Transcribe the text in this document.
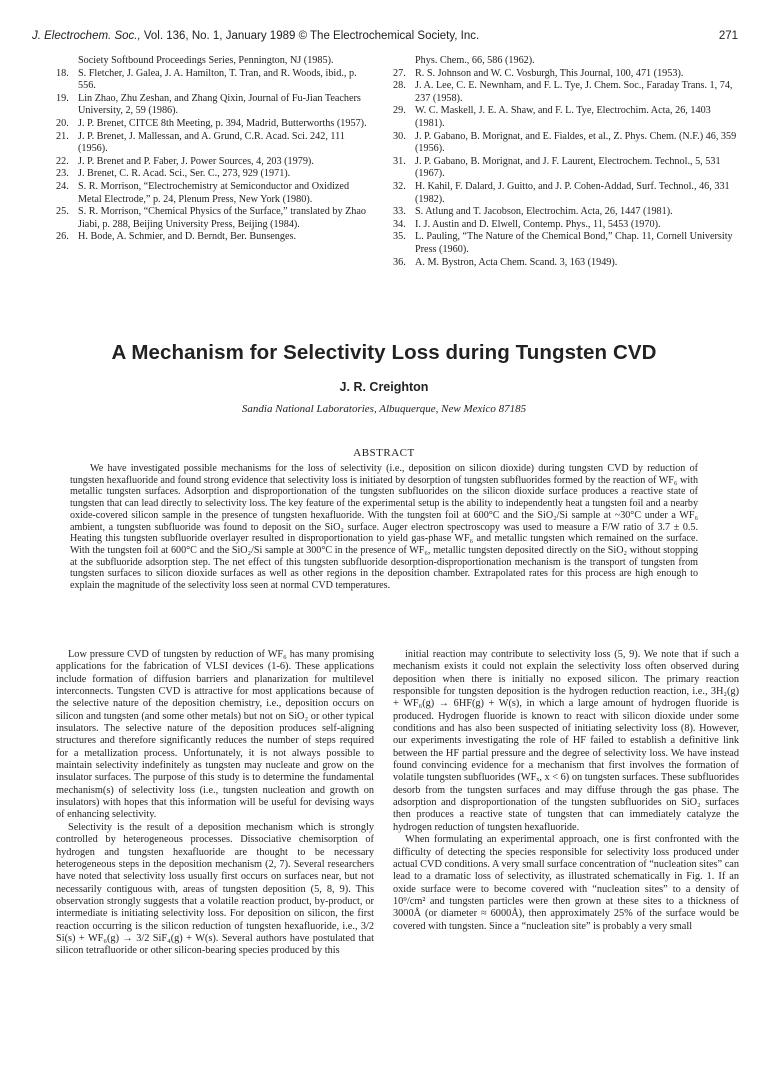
J. Electrochem. Soc., Vol. 136, No. 1, January 1989 © The Electrochemical Society, Inc.	271

Society Softbound Proceedings Series, Pennington, NJ (1985).

18. S. Fletcher, J. Galea, J. A. Hamilton, T. Tran, and R. Woods, ibid., p. 556.

19. Lin Zhao, Zhu Zeshan, and Zhang Qixin, Journal of Fu-Jian Teachers University, 2, 59 (1986).

20. J. P. Brenet, CITCE 8th Meeting, p. 394, Madrid, Butterworths (1957).

21. J. P. Brenet, J. Mallessan, and A. Grund, C.R. Acad. Sci. 242, 111 (1956).

22. J. P. Brenet and P. Faber, J. Power Sources, 4, 203 (1979).

23. J. Brenet, C. R. Acad. Sci., Ser. C., 273, 929 (1971).

24. S. R. Morrison, “Electrochemistry at Semiconductor and Oxidized Metal Electrode,” p. 24, Plenum Press, New York (1980).

25. S. R. Morrison, “Chemical Physics of the Surface,” translated by Zhao Jiabi, p. 288, Beijing University Press, Beijing (1984).

26. H. Bode, A. Schmier, and D. Berndt, Ber. Bunsenges.

Phys. Chem., 66, 586 (1962).

27. R. S. Johnson and W. C. Vosburgh, This Journal, 100, 471 (1953).

28. J. A. Lee, C. E. Newnham, and F. L. Tye, J. Chem. Soc., Faraday Trans. 1, 74, 237 (1958).

29. W. C. Maskell, J. E. A. Shaw, and F. L. Tye, Electrochim. Acta, 26, 1403 (1981).

30. J. P. Gabano, B. Morignat, and E. Fialdes, et al., Z. Phys. Chem. (N.F.) 46, 359 (1956).

31. J. P. Gabano, B. Morignat, and J. F. Laurent, Electrochem. Technol., 5, 531 (1967).

32. H. Kahil, F. Dalard, J. Guitto, and J. P. Cohen-Addad, Surf. Technol., 46, 331 (1982).

33. S. Atlung and T. Jacobson, Electrochim. Acta, 26, 1447 (1981).

34. I. J. Austin and D. Elwell, Contemp. Phys., 11, 5453 (1970).

35. L. Pauling, “The Nature of the Chemical Bond,” Chap. 11, Cornell University Press (1960).

36. A. M. Bystron, Acta Chem. Scand. 3, 163 (1949).

A Mechanism for Selectivity Loss during Tungsten CVD
J. R. Creighton
Sandia National Laboratories, Albuquerque, New Mexico 87185
ABSTRACT

We have investigated possible mechanisms for the loss of selectivity (i.e., deposition on silicon dioxide) during tungsten CVD by reduction of tungsten hexafluoride and found strong evidence that selectivity loss is initiated by desorption of tungsten subfluorides formed by the reaction of WF₆ with metallic tungsten surfaces. Adsorption and disproportionation of the tungsten subfluorides on the silicon dioxide surface produces a reactive state of tungsten that can lead directly to selectivity loss. The key feature of the experimental setup is the ability to independently heat a tungsten foil and a nearby oxide-covered silicon sample in the presence of tungsten hexafluoride. With the tungsten foil at 600°C and the SiO₂/Si sample at ~30°C under a WF₆ ambient, a tungsten subfluoride was found to deposit on the SiO₂ surface. Auger electron spectroscopy was used to measure a F/W ratio of 3.7 ± 0.5. Heating this tungsten subfluoride overlayer resulted in disproportionation to yield gas-phase WF₆ and metallic tungsten which remained on the surface. With the tungsten foil at 600°C and the SiO₂/Si sample at 300°C in the presence of WF₆, metallic tungsten deposited directly on the SiO₂ without stopping at the subfluoride adsorption step. The net effect of this tungsten subfluoride desorption-disproportionation mechanism is the transport of tungsten from tungsten surfaces to silicon dioxide surfaces as well as other regions in the deposition chamber. Extrapolated rates for this process are high enough to explain the magnitude of the selectivity loss seen at normal CVD temperatures.

Low pressure CVD of tungsten by reduction of WF₆ has many promising applications for the fabrication of VLSI devices (1-6). These applications include formation of diffusion barriers and planarization for multilevel interconnects. Tungsten CVD is attractive for most applications because of the selective nature of the deposition chemistry, i.e., deposition occurs on silicon and tungsten (and some other metals) but not on SiO₂ or other typical insulators. The selective nature of the deposition produces self-aligning structures and therefore significantly reduces the number of steps required for a metallization process. Unfortunately, it is not always possible to maintain selectivity indefinitely as tungsten may nucleate and grow on the insulator surfaces. The purpose of this study is to determine the fundamental mechanism(s) of selectivity loss (i.e., tungsten nucleation and growth on insulators) with hopes that this information will be useful for devising ways of enhancing selectivity.

Selectivity is the result of a deposition mechanism which is strongly controlled by heterogeneous processes. Dissociative chemisorption of hydrogen and tungsten hexafluoride are thought to be necessary heterogeneous steps in the deposition mechanism (2, 7). Several researchers have noted that selectivity loss usually first occurs on surfaces near, but not necessarily contiguous with, areas of tungsten deposition (5, 8, 9). This observation strongly suggests that a volatile reaction product, by-product, or intermediate is initiating selectivity loss. For deposition on silicon, the first reaction occurring is the silicon reduction of tungsten hexafluoride, i.e., 3/2 Si(s) + WF₆(g) → 3/2 SiF₄(g) + W(s). Several authors have postulated that silicon tetrafluoride or other silicon-bearing species produced by this

initial reaction may contribute to selectivity loss (5, 9). We note that if such a mechanism exists it could not explain the selectivity loss often observed during deposition when there is initially no exposed silicon. The primary reaction responsible for tungsten deposition is the hydrogen reduction reaction, i.e., 3H₂(g) + WF₆(g) → 6HF(g) + W(s), in which a large amount of hydrogen fluoride is produced. Hydrogen fluoride is known to react with silicon dioxide under some conditions and has also been suspected of initiating selectivity loss (8). However, our experiments investigating the role of HF failed to establish a definitive link between the HF partial pressure and the degree of selectivity loss. We have instead found convincing evidence for a mechanism that first involves the formation of volatile tungsten subfluorides (WFₓ, x < 6) on tungsten surfaces. These subfluorides desorb from the tungsten surfaces and may diffuse through the gas phase. The adsorption and disproportionation of the tungsten subfluorides on SiO₂ surfaces then produces a reactive state of tungsten that can immediately catalyze the hydrogen reduction of tungsten hexafluoride.

When formulating an experimental approach, one is first confronted with the difficulty of detecting the species responsible for selectivity loss produced under actual CVD conditions. A very small surface concentration of “nucleation sites” can lead to a dramatic loss of selectivity, as illustrated schematically in Fig. 1. If an oxide surface were to become covered with “nucleation sites” to a density of 10⁹/cm² and tungsten particles were then grown at these sites to a thickness of 3000Å (or diameter ≈ 6000Å), then approximately 25% of the surface would be covered with tungsten. Since a “nucleation site” is probably a very small
